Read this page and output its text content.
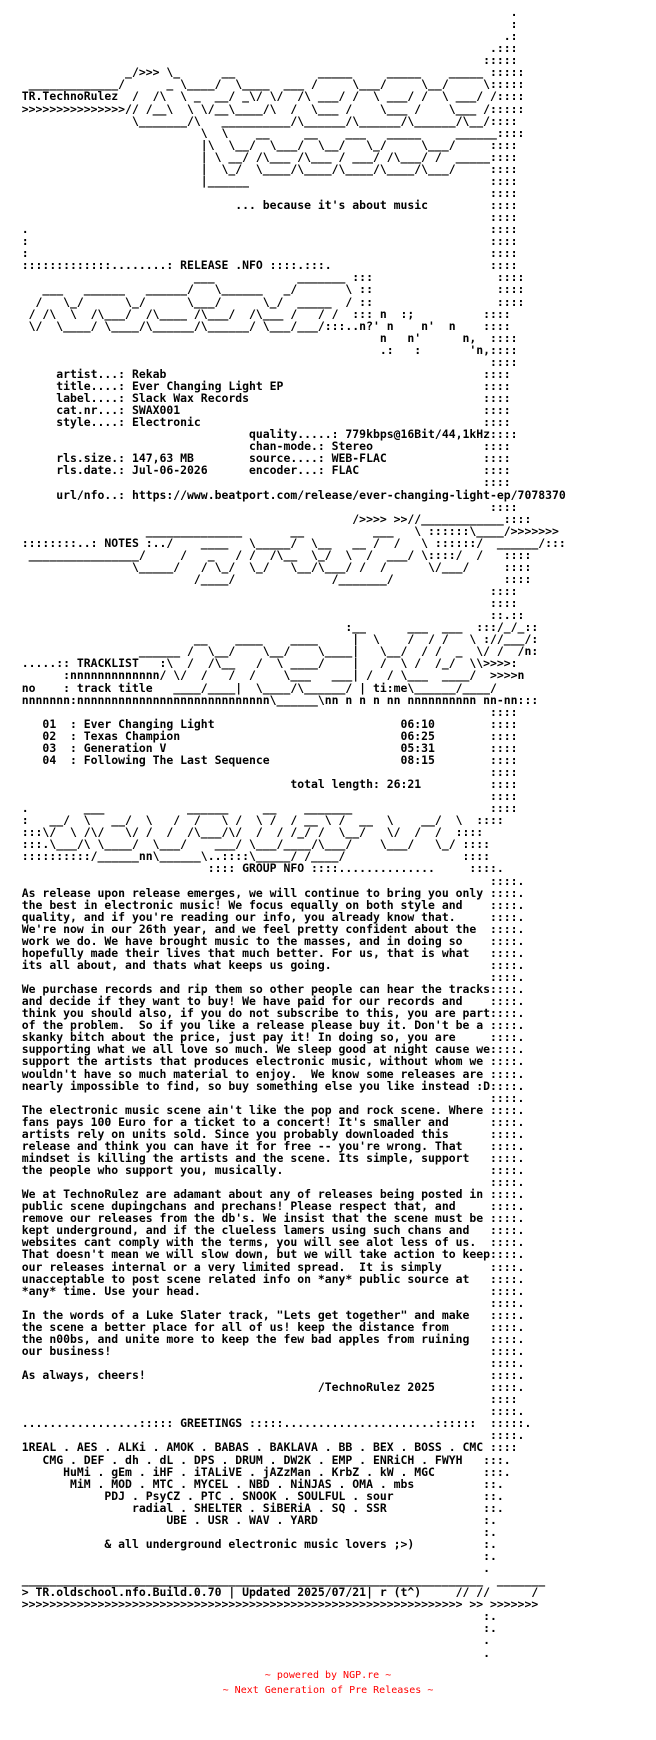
.
:
.:
.:::
:::::
_/>>> \_      __            _____     _____    _____ :::::
_____________/      _ \____/  \____  ___ /     \___/     \__/     \:::::
TR.TechnoRulez  /  /\  \ _  __/ _\/ \/  /\ ___/ /  \ ___/ /  \ ___/ /::::
>>>>>>>>>>>>>>>// /__\  \ \/__\____/\  /  \___ /    \___ /    \___ /:::::
\_______/\   __________/\______/\______/\______/\__/::::
\  \    __     __    ___   _____     ______::::
|\  \__/  \___/  \__/   \_/     \___/     ::::
| \ __/ /\___ /\___ / ___/ /\___/ /  _____::::
|  \_/  \____/\____/\____/\____/\___/     ::::
|______                                   ::::
::::
... because it's about music         ::::
::::
.                                                                   ::::
:                                                                   ::::
:                                                                   ::::
:::::::::::::........: RELEASE .NFO ::::.:::.                       ::::
___            _______ :::                  ::::
___   ______   ______/   \______   _/       \ ::                  ::::
/   \_/      \_/      \___/      \_/  _____  / ::                  ::::
/ /\  \  /\___/  /\____ /\___/  /\___ /   / /  ::: n  :;          ::::
\/  \____/ \____/\______/\______/ \___/___/:::..n?' n    n'  n    ::::
n   n'      n,  ::::
.:   :       'n,::::
::::
artist...: Rekab                                              ::::
title....: Ever Changing Light EP                             ::::
label....: Slack Wax Records                                  ::::
cat.nr...: SWAX001                                            ::::
style....: Electronic                                         ::::
quality.....: 779kbps@16Bit/44,1kHz::::
chan-mode.: Stereo                ::::
rls.size.: 147,63 MB        source....: WEB-FLAC              ::::
rls.date.: Jul-06-2026      encoder...: FLAC                  ::::
::::
url/nfo..: https://www.beatport.com/release/ever-changing-light-ep/7078370
::::
/>>>> >>//____________::::
______________       __          ___   \ ::::::\____/>>>>>>>
::::::::..: NOTES :../    ____   \_____/  \__   __ /  /   \ ::::::/  ______/:::
________________/     /   _   / /  /\__  \_/  \  /  ___/ \::::/  /   ::::
\_____/   / \_/  \_/   \__/\___/ /  /      \/___/     ::::
/____/              /_______/                ::::
::::
::::
::.::
:__      ___  ___  :::/_/_::
__    ____    ____     |  \    /  / /   \ ://___/:
______ /  \__/    \__/    \____|   \__/  / /  _  \/ /  /n:
.....:: TRACKLIST   :\  /  /\__   /  \ ____/    |   /  \ /  /_/  \\>>>>:
:nnnnnnnnnnnnn/ \/  /   /  /    \___   ___| /  / \___  ____/  >>>>n
no    : track title   ____/____|  \____/\______/ | ti:me\______/____/
nnnnnnn:nnnnnnnnnnnnnnnnnnnnnnnnnnnn\______\nn n n n nn nnnnnnnnnn nn-nn:::
::::
01  : Ever Changing Light                           06:10        ::::
02  : Texas Champion                                06:25        ::::
03  : Generation V                                  05:31        ::::
04  : Following The Last Sequence                   08:15        ::::
::::
total length: 26:21          ::::
::::
.        ___            ______     __    _______                    ::::
:   __/  \   __/  \   /  /   \ /  \ /  / __ \ /  __  \    __/  \  ::::
:::\/  \ /\/   \/ /  /  /\___/\/  /  / /_/ /  \__/   \/  /  /  ::::
:::.\___/\ \____/  \___/    ___/ \___/____/\___/    \___/   \_/ ::::
::::::::::/______nn\______\..::::\_____/ /____/                 ::::
:::: GROUP NFO ::::..............     ::::.
::::.
As release upon release emerges, we will continue to bring you only ::::.
the best in electronic music! We focus equally on both style and    ::::.
quality, and if you're reading our info, you already know that.     ::::.
We're now in our 26th year, and we feel pretty confident about the  ::::.
work we do. We have brought music to the masses, and in doing so    ::::.
hopefully made their lives that much better. For us, that is what   ::::.
its all about, and thats what keeps us going.                       ::::.
::::.
We purchase records and rip them so other people can hear the tracks::::.
and decide if they want to buy! We have paid for our records and    ::::.
think you should also, if you do not subscribe to this, you are part::::.
of the problem.  So if you like a release please buy it. Don't be a ::::.
skanky bitch about the price, just pay it! In doing so, you are     ::::.
supporting what we all love so much. We sleep good at night cause we::::.
support the artists that produces electronic music, without whom we ::::.
wouldn't have so much material to enjoy.  We know some releases are ::::.
nearly impossible to find, so buy something else you like instead :D::::.
::::.
The electronic music scene ain't like the pop and rock scene. Where ::::.
fans pays 100 Euro for a ticket to a concert! It's smaller and      ::::.
artists rely on units sold. Since you probably downloaded this      ::::.
release and think you can have it for free -- you're wrong. That    ::::.
mindset is killing the artists and the scene. Its simple, support   ::::.
the people who support you, musically.                              ::::.
::::.
We at TechnoRulez are adamant about any of releases being posted in ::::.
public scene dupingchans and prechans! Please respect that, and     ::::.
remove our releases from the db's. We insist that the scene must be ::::.
kept underground, and if the clueless lamers using such chans and   ::::.
websites cant comply with the terms, you will see alot less of us.  ::::.
That doesn't mean we will slow down, but we will take action to keep::::.
our releases internal or a very limited spread.  It is simply       ::::.
unacceptable to post scene related info on *any* public source at   ::::.
*any* time. Use your head.                                          ::::.
::::.
In the words of a Luke Slater track, "Lets get together" and make   ::::.
the scene a better place for all of us! keep the distance from      ::::.
the n00bs, and unite more to keep the few bad apples from ruining   ::::.
our business!                                                       ::::.
::::.
As always, cheers!                                                  ::::.
/TechnoRulez 2025        ::::.
::::
::::.
.................::::: GREETINGS :::::......................::::::  :::::.
::::.
1REAL . AES . ALKi . AMOK . BABAS . BAKLAVA . BB . BEX . BOSS . CMC ::::
CMG . DEF . dh . dL . DPS . DRUM . DW2K . EMP . ENRiCH . FWYH   :::.
HuMi . gEm . iHF . iTALiVE . jAZzMan . KrbZ . kW . MGC       :::.
MiM . MOD . MTC . MYCEL . NBD . NiNJAS . OMA . mbs          ::.
PDJ . PsyCZ . PTC . SNOOK . SOULFUL . sour             ::.
radial . SHELTER . SiBERiA . SQ . SSR              ::.
UBE . USR . WAV . YARD                        :.
:.
& all underground electronic music lovers ;>)          :.
:.
.
___________________________________________________________________  _______
> TR.oldschool.nfo.Build.0.70 | Updated 2025/07/21| r (t^)     // //      /
>>>>>>>>>>>>>>>>>>>>>>>>>>>>>>>>>>>>>>>>>>>>>>>>>>>>>>>>>>>>>>>> >> >>>>>>>
:.
:.
.
.

~ powered by NGP.re ~
~ Next Generation of Pre Releases ~
